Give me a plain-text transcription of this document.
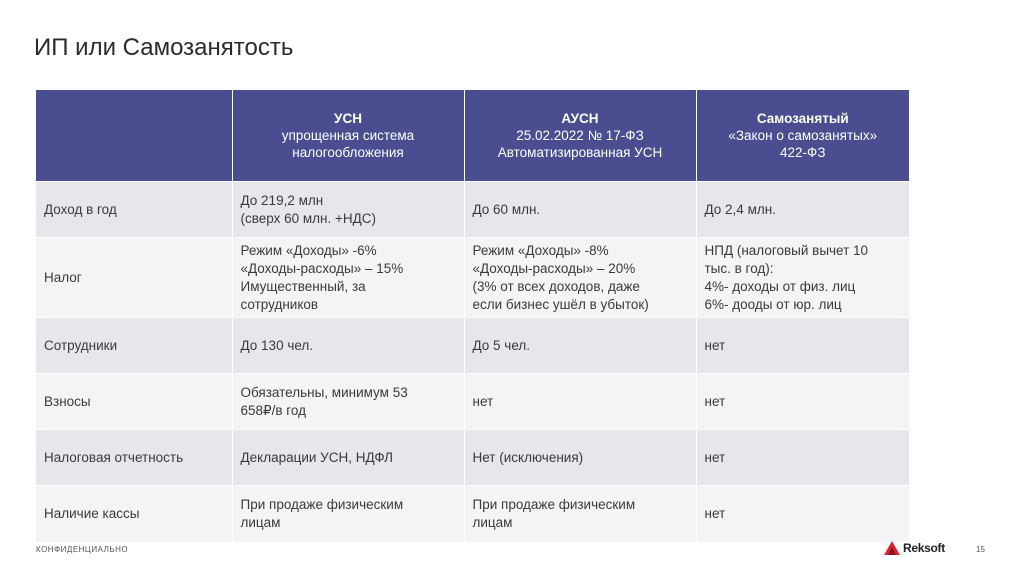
ИП или Самозанятость

	УСН
упрощенная система
налогообложения	АУСН
25.02.2022 № 17-ФЗ
Автоматизированная УСН	Самозанятый
«Закон о самозанятых»
422-ФЗ

Доход в год	До 219,2 млн
(сверх 60 млн. +НДС)	До 60 млн.	До 2,4 млн.

Налог	Режим «Доходы» -6%
«Доходы-расходы» – 15%
Имущественный, за
сотрудников	Режим «Доходы» -8%
«Доходы-расходы» – 20%
(3% от всех доходов, даже
если бизнес ушёл в убыток)	НПД (налоговый вычет 10
тыс. в год):
4%- доходы от физ. лиц
6%- дооды от юр. лиц

Сотрудники	До 130 чел.	До 5 чел.	нет

Взносы	Обязательны, минимум 53
658₽/в год	нет	нет

Налоговая отчетность	Декларации УСН, НДФЛ	Нет (исключения)	нет

Наличие кассы	При продаже физическим
лицам	При продаже физическим
лицам	нет
КОНФИДЕНЦИАЛЬНО	Reksoft	15
